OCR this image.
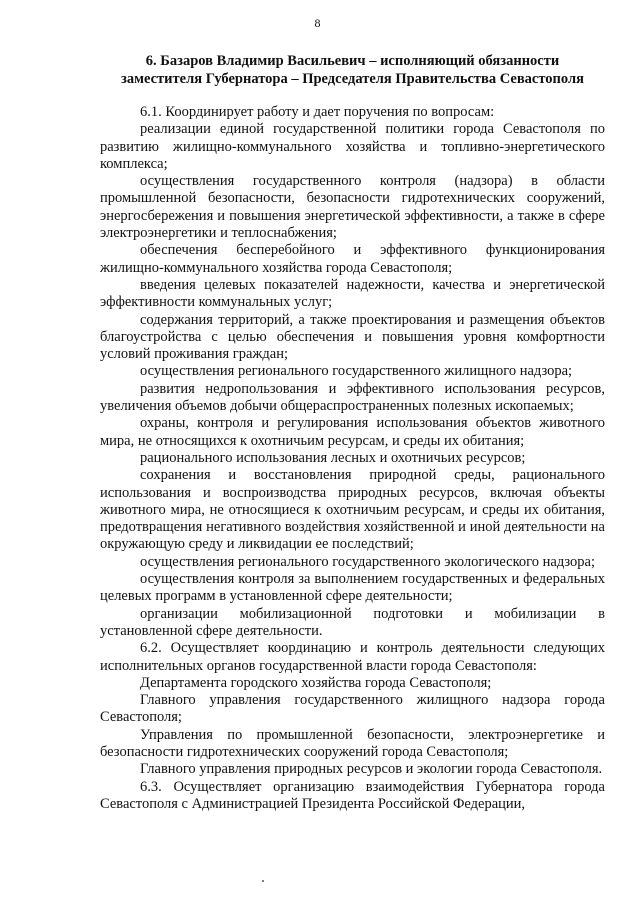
8
6. Базаров Владимир Васильевич – исполняющий обязанности
заместителя Губернатора – Председателя Правительства Севастополя

6.1. Координирует работу и дает поручения по вопросам:

реализации единой государственной политики города Севастополя по развитию жилищно-коммунального хозяйства и топливно-энергетического комплекса;

осуществления государственного контроля (надзора) в области промышленной безопасности, безопасности гидротехнических сооружений, энергосбережения и повышения энергетической эффективности, а также в сфере электроэнергетики и теплоснабжения;

обеспечения бесперебойного и эффективного функционирования жилищно-коммунального хозяйства города Севастополя;

введения целевых показателей надежности, качества и энергетической эффективности коммунальных услуг;

содержания территорий, а также проектирования и размещения объектов благоустройства с целью обеспечения и повышения уровня комфортности условий проживания граждан;

осуществления регионального государственного жилищного надзора;

развития недропользования и эффективного использования ресурсов, увеличения объемов добычи общераспространенных полезных ископаемых;

охраны, контроля и регулирования использования объектов животного мира, не относящихся к охотничьим ресурсам, и среды их обитания;

рационального использования лесных и охотничьих ресурсов;

сохранения и восстановления природной среды, рационального использования и воспроизводства природных ресурсов, включая объекты животного мира, не относящиеся к охотничьим ресурсам, и среды их обитания, предотвращения негативного воздействия хозяйственной и иной деятельности на окружающую среду и ликвидации ее последствий;

осуществления регионального государственного экологического надзора;

осуществления контроля за выполнением государственных и федеральных целевых программ в установленной сфере деятельности;

организации мобилизационной подготовки и мобилизации в установленной сфере деятельности.

6.2. Осуществляет координацию и контроль деятельности следующих исполнительных органов государственной власти города Севастополя:

Департамента городского хозяйства города Севастополя;

Главного управления государственного жилищного надзора города Севастополя;

Управления по промышленной безопасности, электроэнергетике и безопасности гидротехнических сооружений города Севастополя;

Главного управления природных ресурсов и экологии города Севастополя.

6.3. Осуществляет организацию взаимодействия Губернатора города Севастополя с Администрацией Президента Российской Федерации,
